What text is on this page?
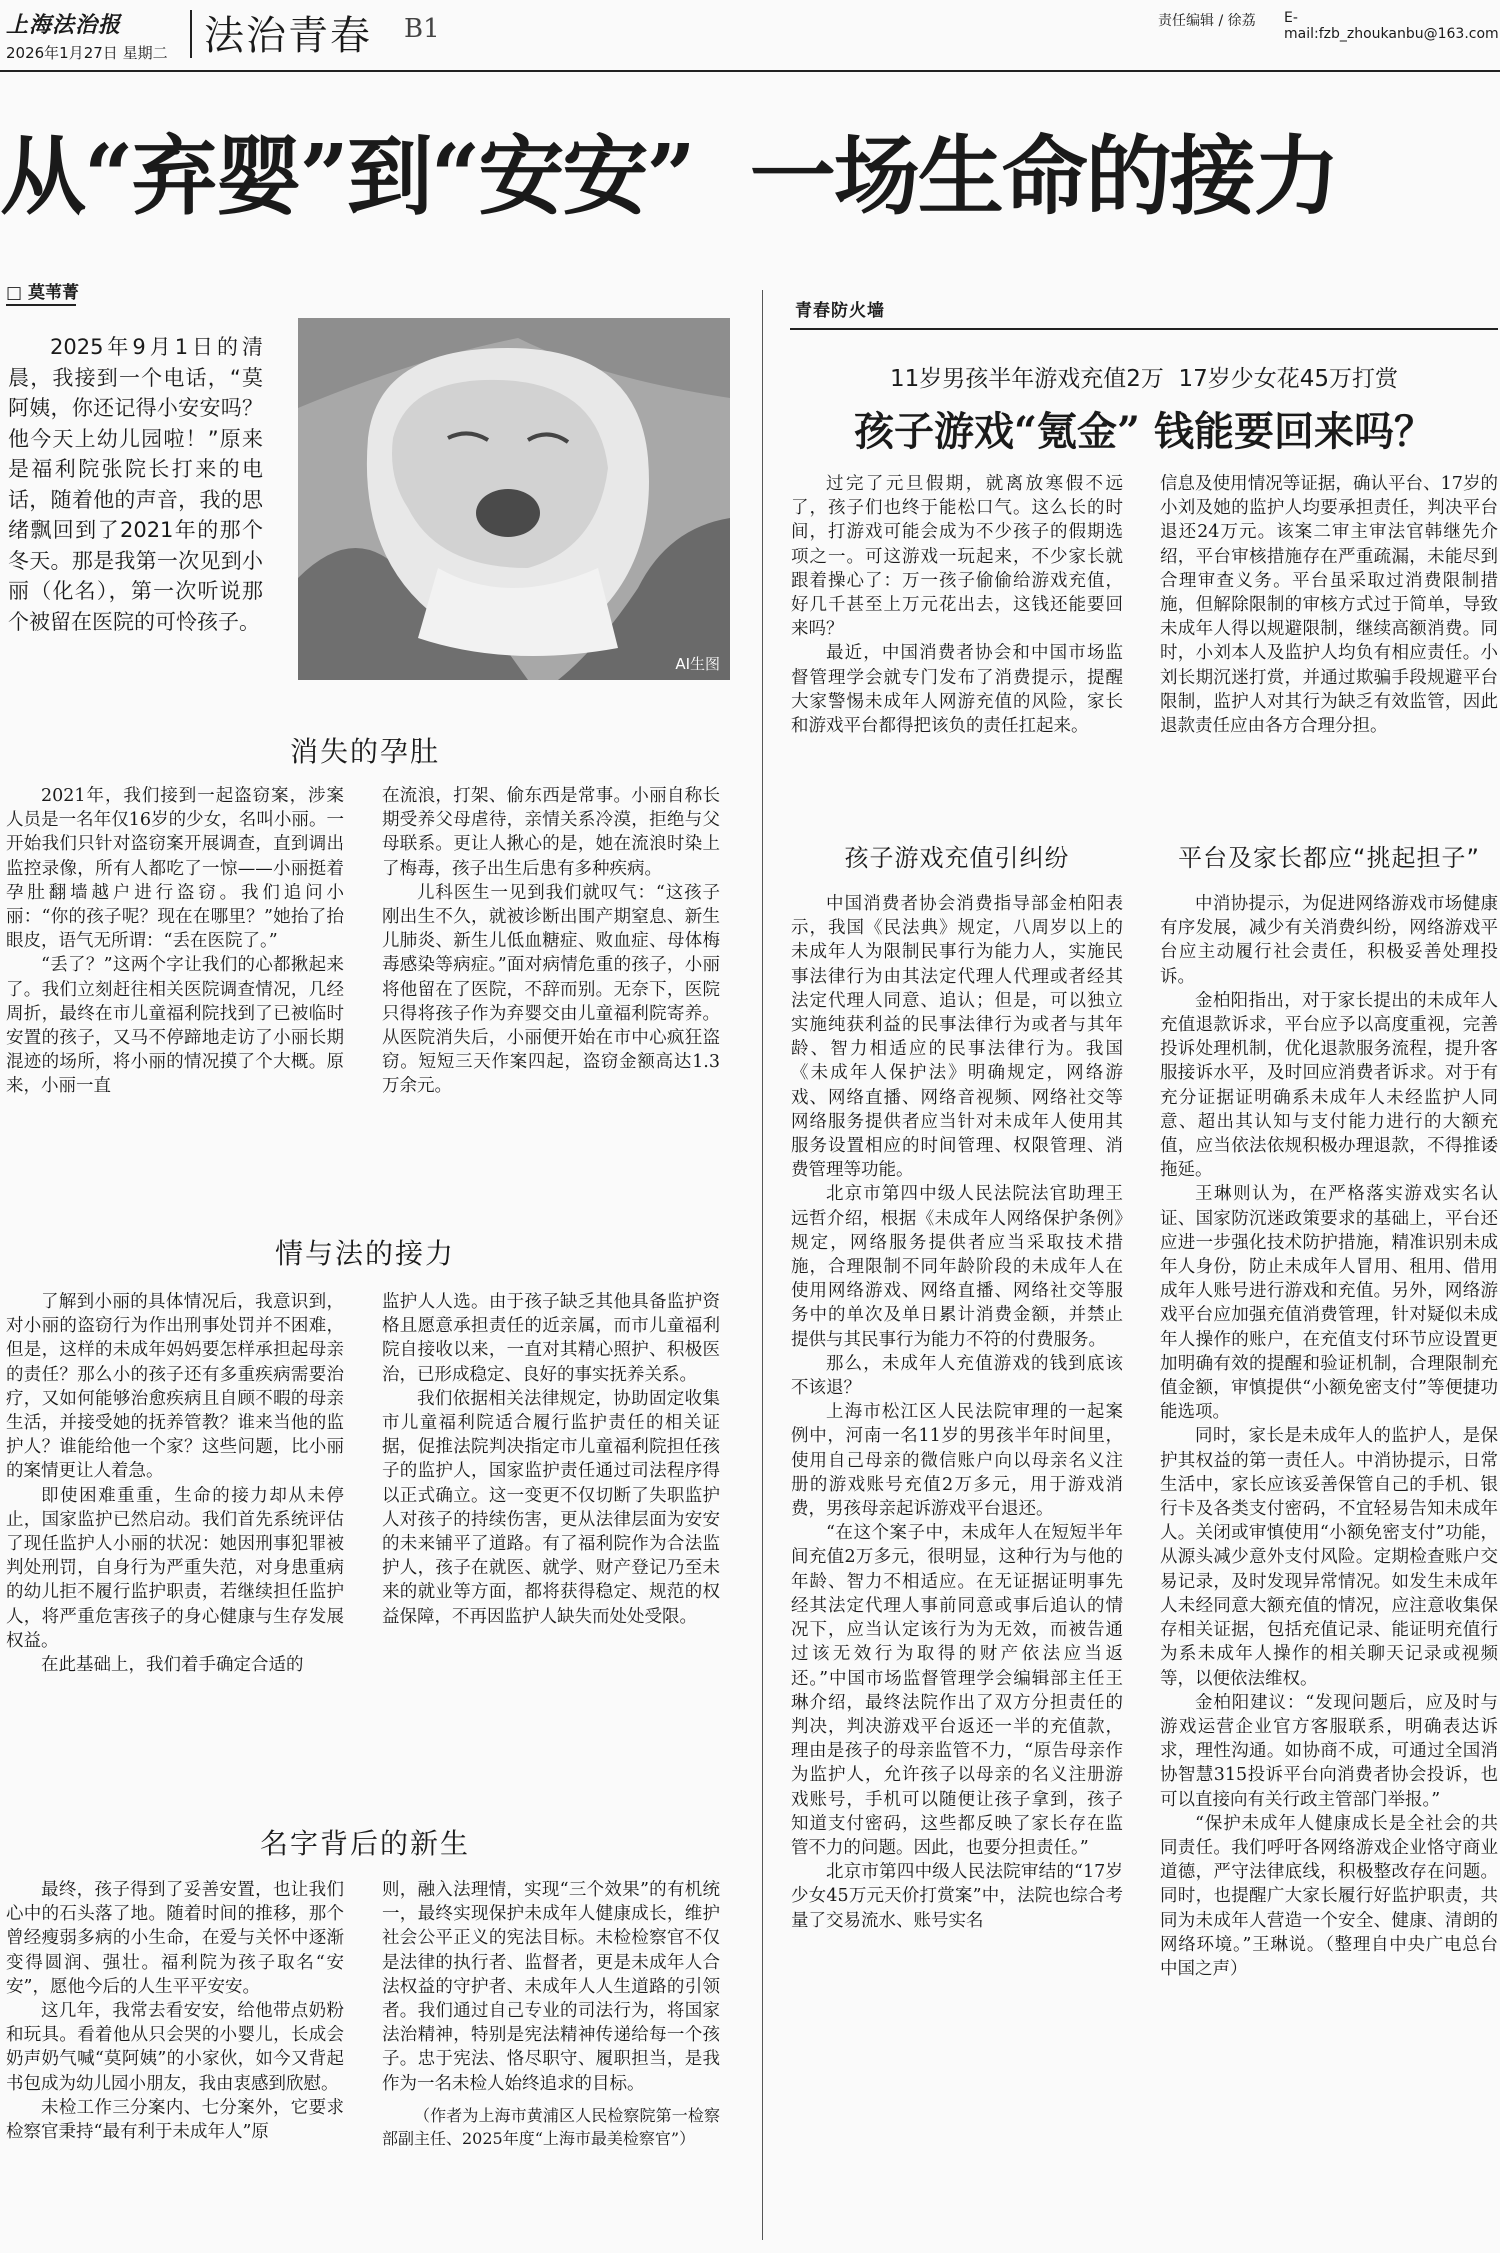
上海法治报
2026年1月27日 星期二 法治青春 B1	责任编辑 / 徐荔 E-mail:fzb_zhoukanbu@163.com
从“弃婴”到“安安”  一场生命的接力
□ 莫苇菁

2025年9月1日的清晨，我接到一个电话，“莫阿姨，你还记得小安安吗？他今天上幼儿园啦！”原来是福利院张院长打来的电话，随着他的声音，我的思绪飘回到了2021年的那个冬天。那是我第一次见到小丽（化名），第一次听说那个被留在医院的可怜孩子。

AI生图
消失的孕肚

2021年，我们接到一起盗窃案，涉案人员是一名年仅16岁的少女，名叫小丽。一开始我们只针对盗窃案开展调查，直到调出监控录像，所有人都吃了一惊——小丽挺着孕肚翻墙越户进行盗窃。我们追问小丽：“你的孩子呢？现在在哪里？”她抬了抬眼皮，语气无所谓：“丢在医院了。”

“丢了？”这两个字让我们的心都揪起来了。我们立刻赶往相关医院调查情况，几经周折，最终在市儿童福利院找到了已被临时安置的孩子，又马不停蹄地走访了小丽长期混迹的场所，将小丽的情况摸了个大概。原来，小丽一直

在流浪，打架、偷东西是常事。小丽自称长期受养父母虐待，亲情关系冷漠，拒绝与父母联系。更让人揪心的是，她在流浪时染上了梅毒，孩子出生后患有多种疾病。

儿科医生一见到我们就叹气：“这孩子刚出生不久，就被诊断出围产期窒息、新生儿肺炎、新生儿低血糖症、败血症、母体梅毒感染等病症。”面对病情危重的孩子，小丽将他留在了医院，不辞而别。无奈下，医院只得将孩子作为弃婴交由儿童福利院寄养。从医院消失后，小丽便开始在市中心疯狂盗窃。短短三天作案四起，盗窃金额高达1.3万余元。

情与法的接力

了解到小丽的具体情况后，我意识到，对小丽的盗窃行为作出刑事处罚并不困难，但是，这样的未成年妈妈要怎样承担起母亲的责任？那么小的孩子还有多重疾病需要治疗，又如何能够治愈疾病且自顾不暇的母亲生活，并接受她的抚养管教？谁来当他的监护人？谁能给他一个家？这些问题，比小丽的案情更让人着急。

即使困难重重，生命的接力却从未停止，国家监护已然启动。我们首先系统评估了现任监护人小丽的状况：她因刑事犯罪被判处刑罚，自身行为严重失范，对身患重病的幼儿拒不履行监护职责，若继续担任监护人，将严重危害孩子的身心健康与生存发展权益。

在此基础上，我们着手确定合适的

监护人人选。由于孩子缺乏其他具备监护资格且愿意承担责任的近亲属，而市儿童福利院自接收以来，一直对其精心照护、积极医治，已形成稳定、良好的事实抚养关系。

我们依据相关法律规定，协助固定收集市儿童福利院适合履行监护责任的相关证据，促推法院判决指定市儿童福利院担任孩子的监护人，国家监护责任通过司法程序得以正式确立。这一变更不仅切断了失职监护人对孩子的持续伤害，更从法律层面为安安的未来铺平了道路。有了福利院作为合法监护人，孩子在就医、就学、财产登记乃至未来的就业等方面，都将获得稳定、规范的权益保障，不再因监护人缺失而处处受限。

名字背后的新生

最终，孩子得到了妥善安置，也让我们心中的石头落了地。随着时间的推移，那个曾经瘦弱多病的小生命，在爱与关怀中逐渐变得圆润、强壮。福利院为孩子取名“安安”，愿他今后的人生平平安安。

这几年，我常去看安安，给他带点奶粉和玩具。看着他从只会哭的小婴儿，长成会奶声奶气喊“莫阿姨”的小家伙，如今又背起书包成为幼儿园小朋友，我由衷感到欣慰。

未检工作三分案内、七分案外，它要求检察官秉持“最有利于未成年人”原

则，融入法理情，实现“三个效果”的有机统一，最终实现保护未成年人健康成长，维护社会公平正义的宪法目标。未检检察官不仅是法律的执行者、监督者，更是未成年人合法权益的守护者、未成年人人生道路的引领者。我们通过自己专业的司法行为，将国家法治精神，特别是宪法精神传递给每一个孩子。忠于宪法、恪尽职守、履职担当，是我作为一名未检人始终追求的目标。

（作者为上海市黄浦区人民检察院第一检察部副主任、2025年度“上海市最美检察官”）

青春防火墙
11岁男孩半年游戏充值2万  17岁少女花45万打赏
孩子游戏“氪金” 钱能要回来吗？

过完了元旦假期，就离放寒假不远了，孩子们也终于能松口气。这么长的时间，打游戏可能会成为不少孩子的假期选项之一。可这游戏一玩起来，不少家长就跟着操心了：万一孩子偷偷给游戏充值，好几千甚至上万元花出去，这钱还能要回来吗？

最近，中国消费者协会和中国市场监督管理学会就专门发布了消费提示，提醒大家警惕未成年人网游充值的风险，家长和游戏平台都得把该负的责任扛起来。

孩子游戏充值引纠纷

中国消费者协会消费指导部金柏阳表示，我国《民法典》规定，八周岁以上的未成年人为限制民事行为能力人，实施民事法律行为由其法定代理人代理或者经其法定代理人同意、追认；但是，可以独立实施纯获利益的民事法律行为或者与其年龄、智力相适应的民事法律行为。我国《未成年人保护法》明确规定，网络游戏、网络直播、网络音视频、网络社交等网络服务提供者应当针对未成年人使用其服务设置相应的时间管理、权限管理、消费管理等功能。

北京市第四中级人民法院法官助理王远哲介绍，根据《未成年人网络保护条例》规定，网络服务提供者应当采取技术措施，合理限制不同年龄阶段的未成年人在使用网络游戏、网络直播、网络社交等服务中的单次及单日累计消费金额，并禁止提供与其民事行为能力不符的付费服务。

那么，未成年人充值游戏的钱到底该不该退？

上海市松江区人民法院审理的一起案例中，河南一名11岁的男孩半年时间里，使用自己母亲的微信账户向以母亲名义注册的游戏账号充值2万多元，用于游戏消费，男孩母亲起诉游戏平台退还。

“在这个案子中，未成年人在短短半年间充值2万多元，很明显，这种行为与他的年龄、智力不相适应。在无证据证明事先经其法定代理人事前同意或事后追认的情况下，应当认定该行为为无效，而被告通过该无效行为取得的财产依法应当返还。”中国市场监督管理学会编辑部主任王琳介绍，最终法院作出了双方分担责任的判决，判决游戏平台返还一半的充值款，理由是孩子的母亲监管不力，“原告母亲作为监护人，允许孩子以母亲的名义注册游戏账号，手机可以随便让孩子拿到，孩子知道支付密码，这些都反映了家长存在监管不力的问题。因此，也要分担责任。”

北京市第四中级人民法院审结的“17岁少女45万元天价打赏案”中，法院也综合考量了交易流水、账号实名

信息及使用情况等证据，确认平台、17岁的小刘及她的监护人均要承担责任，判决平台退还24万元。该案二审主审法官韩继先介绍，平台审核措施存在严重疏漏，未能尽到合理审查义务。平台虽采取过消费限制措施，但解除限制的审核方式过于简单，导致未成年人得以规避限制，继续高额消费。同时，小刘本人及监护人均负有相应责任。小刘长期沉迷打赏，并通过欺骗手段规避平台限制，监护人对其行为缺乏有效监管，因此退款责任应由各方合理分担。

平台及家长都应“挑起担子”

中消协提示，为促进网络游戏市场健康有序发展，减少有关消费纠纷，网络游戏平台应主动履行社会责任，积极妥善处理投诉。

金柏阳指出，对于家长提出的未成年人充值退款诉求，平台应予以高度重视，完善投诉处理机制，优化退款服务流程，提升客服接诉水平，及时回应消费者诉求。对于有充分证据证明确系未成年人未经监护人同意、超出其认知与支付能力进行的大额充值，应当依法依规积极办理退款，不得推诿拖延。

王琳则认为，在严格落实游戏实名认证、国家防沉迷政策要求的基础上，平台还应进一步强化技术防护措施，精准识别未成年人身份，防止未成年人冒用、租用、借用成年人账号进行游戏和充值。另外，网络游戏平台应加强充值消费管理，针对疑似未成年人操作的账户，在充值支付环节应设置更加明确有效的提醒和验证机制，合理限制充值金额，审慎提供“小额免密支付”等便捷功能选项。

同时，家长是未成年人的监护人，是保护其权益的第一责任人。中消协提示，日常生活中，家长应该妥善保管自己的手机、银行卡及各类支付密码，不宜轻易告知未成年人。关闭或审慎使用“小额免密支付”功能，从源头减少意外支付风险。定期检查账户交易记录，及时发现异常情况。如发生未成年人未经同意大额充值的情况，应注意收集保存相关证据，包括充值记录、能证明充值行为系未成年人操作的相关聊天记录或视频等，以便依法维权。

金柏阳建议：“发现问题后，应及时与游戏运营企业官方客服联系，明确表达诉求，理性沟通。如协商不成，可通过全国消协智慧315投诉平台向消费者协会投诉，也可以直接向有关行政主管部门举报。”

“保护未成年人健康成长是全社会的共同责任。我们呼吁各网络游戏企业恪守商业道德，严守法律底线，积极整改存在问题。同时，也提醒广大家长履行好监护职责，共同为未成年人营造一个安全、健康、清朗的网络环境。”王琳说。（整理自中央广电总台中国之声）
